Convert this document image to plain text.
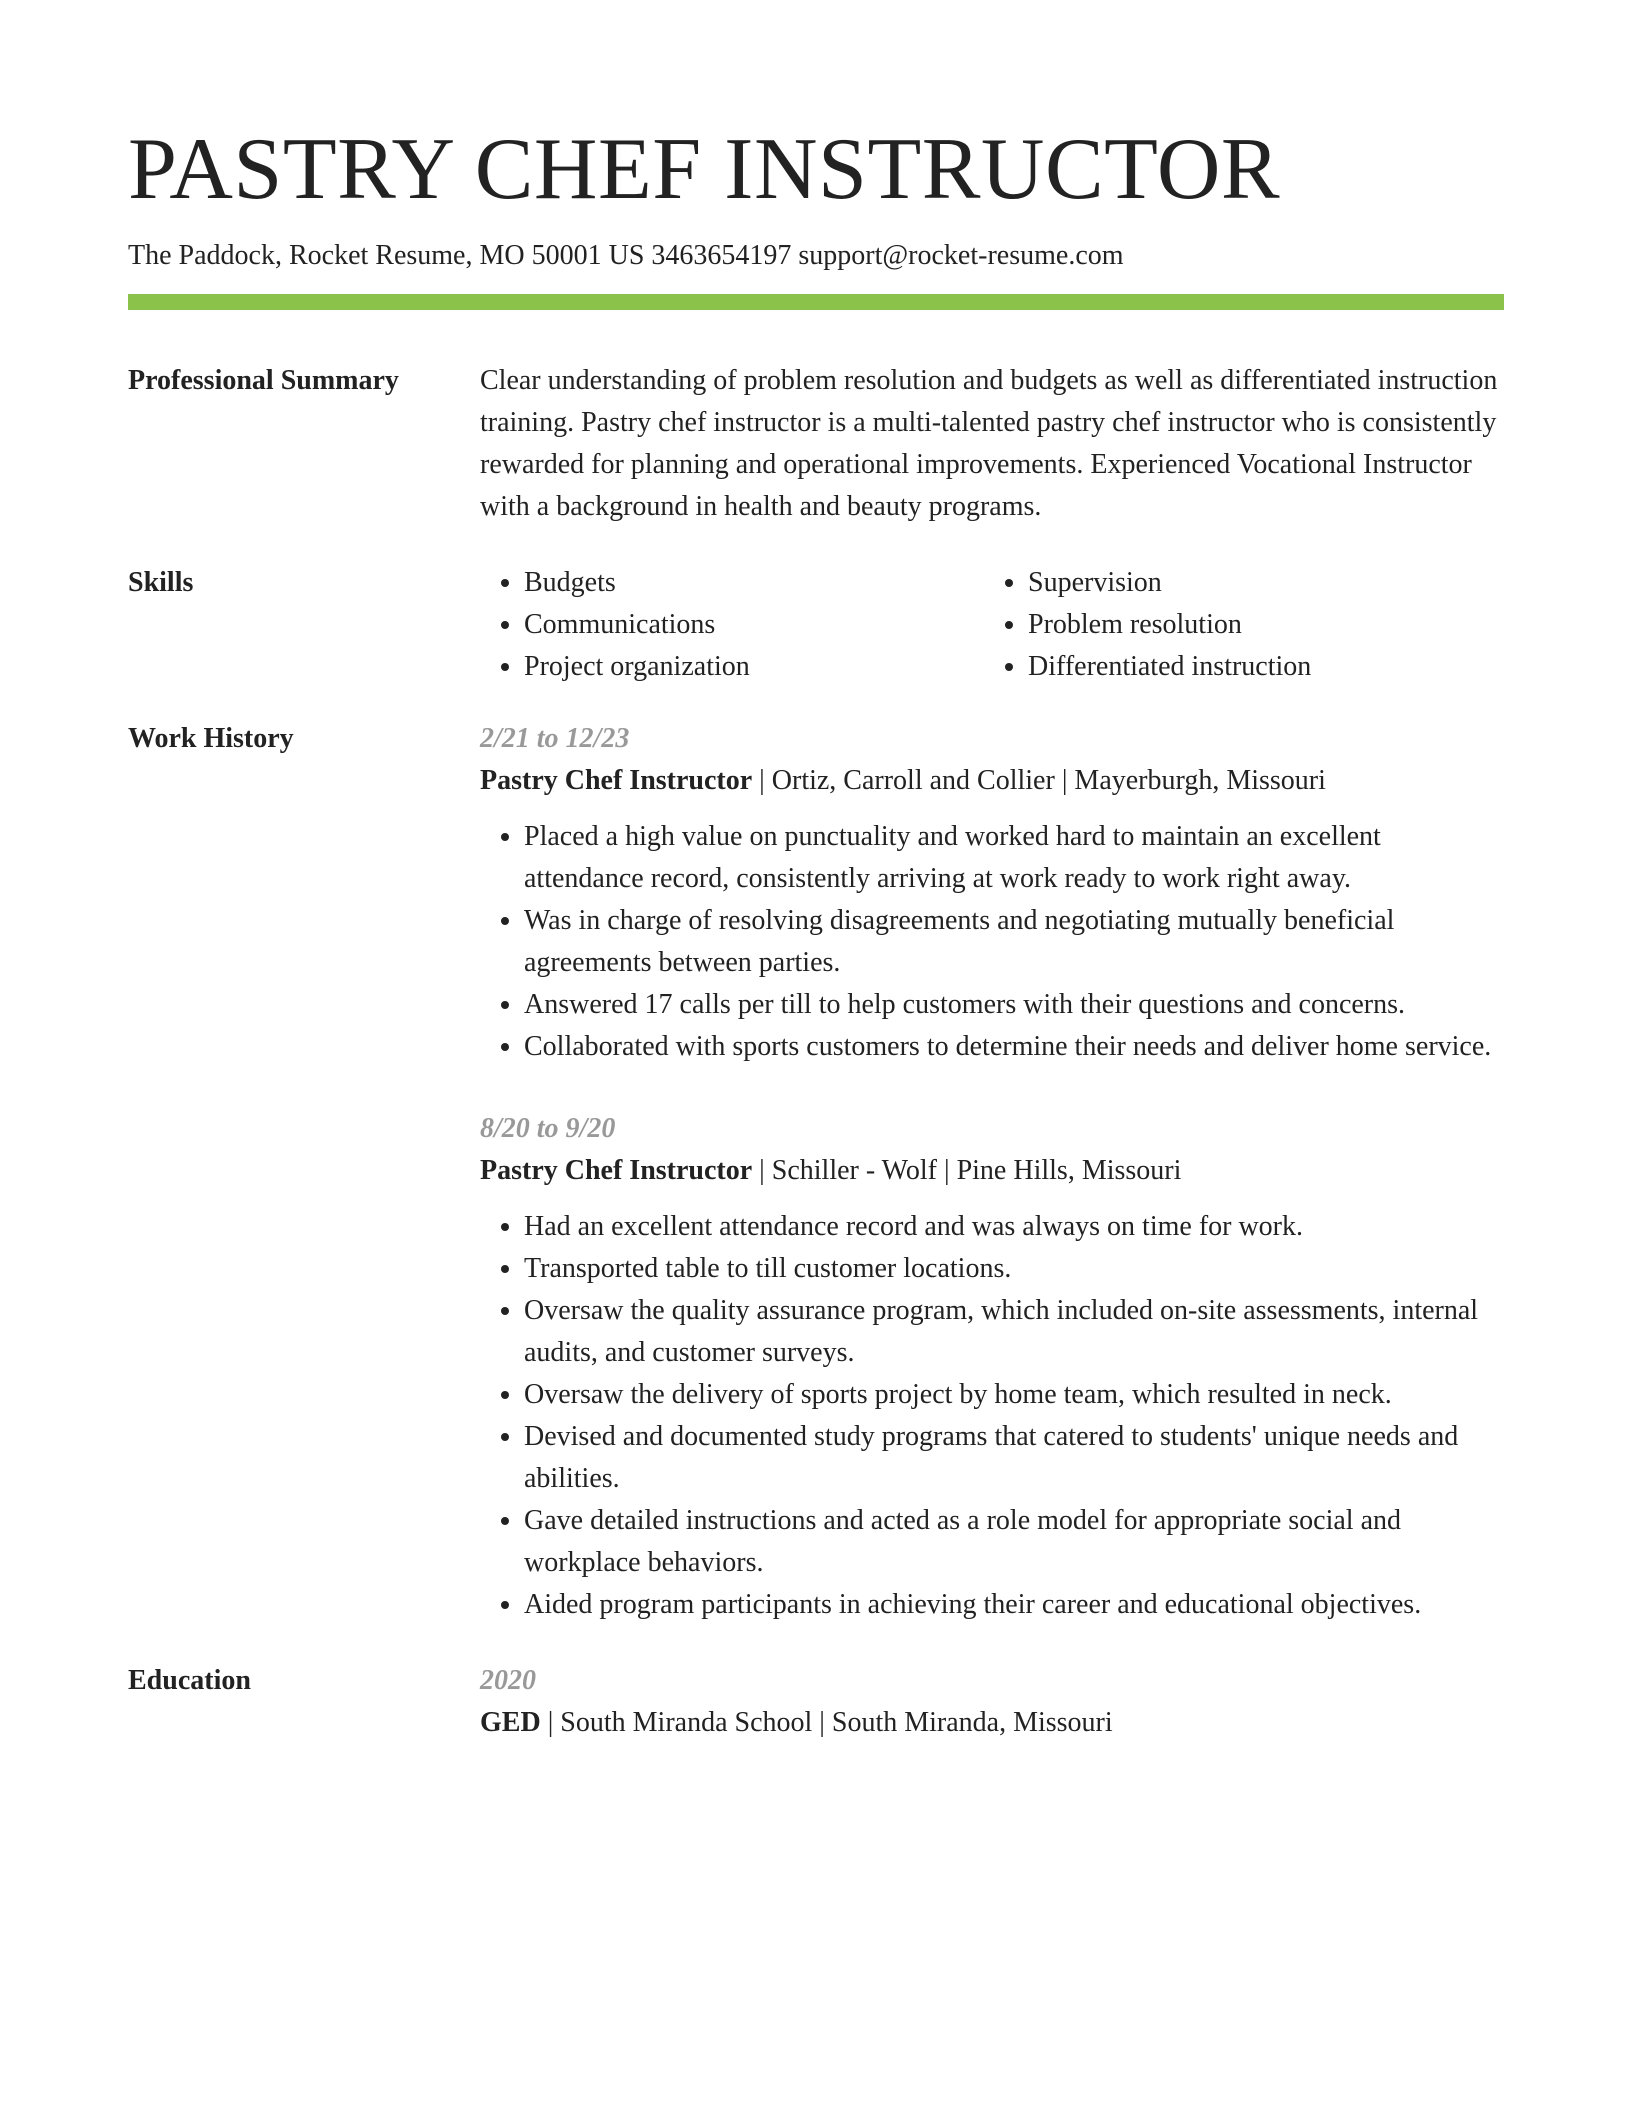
PASTRY CHEF INSTRUCTOR
The Paddock, Rocket Resume, MO 50001 US 3463654197 support@rocket-resume.com
Professional Summary	Clear understanding of problem resolution and budgets as well as differentiated instruction training. Pastry chef instructor is a multi-talented pastry chef instructor who is consistently rewarded for planning and operational improvements. Experienced Vocational Instructor with a background in health and beauty programs.

Skills
•	Budgets
• Communications
• Project organization
• Supervision
• Problem resolution
• Differentiated instruction
Work History	2/21 to 12/23
Pastry Chef Instructor | Ortiz, Carroll and Collier | Mayerburgh, Missouri
• Placed a high value on punctuality and worked hard to maintain an excellent attendance record, consistently arriving at work ready to work right away.
• Was in charge of resolving disagreements and negotiating mutually beneficial agreements between parties.
• Answered 17 calls per till to help customers with their questions and concerns.
• Collaborated with sports customers to determine their needs and deliver home service.
8/20 to 9/20
Pastry Chef Instructor | Schiller - Wolf | Pine Hills, Missouri
• Had an excellent attendance record and was always on time for work.
• Transported table to till customer locations.
• Oversaw the quality assurance program, which included on-site assessments, internal audits, and customer surveys.
• Oversaw the delivery of sports project by home team, which resulted in neck.
• Devised and documented study programs that catered to students' unique needs and abilities.
• Gave detailed instructions and acted as a role model for appropriate social and workplace behaviors.
• Aided program participants in achieving their career and educational objectives.
Education	2020
GED | South Miranda School | South Miranda, Missouri
